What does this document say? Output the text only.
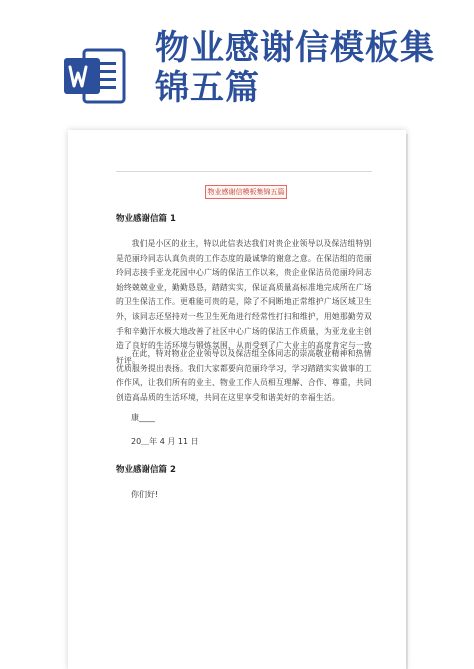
物业感谢信模板集锦五篇
物业感谢信模板集锦五篇
物业感谢信篇 1

我们是小区的业主，特以此信表达我们对贵企业领导以及保洁组特别是范丽玲同志认真负责的工作态度的最诚挚的谢意之意。在保洁组的范丽玲同志接手亚龙花园中心广场的保洁工作以来，贵企业保洁员范丽玲同志始终兢兢业业，勤勤恳恳，踏踏实实，保证高质量高标准地完成所在广场的卫生保洁工作。更难能可贵的是，除了不间断地正常维护广场区域卫生外，该同志还坚持对一些卫生死角进行经常性打扫和维护，用她那勤劳双手和辛勤汗水极大地改善了社区中心广场的保洁工作质量，为亚龙业主创造了良好的生活环境与锻炼氛围，从而受到了广大业主的高度肯定与一致好评。

在此，特对物业企业领导以及保洁组全体同志的崇高敬业精神和热情优质服务提出表扬。我们大家都要向范丽玲学习，学习踏踏实实做事的工作作风，让我们所有的业主、物业工作人员相互理解、合作、尊重，共同创造高品质的生活环境，共同在这里享受和谐美好的幸福生活。

康____
20＿年 4 月 11 日
物业感谢信篇 2
你们好!
